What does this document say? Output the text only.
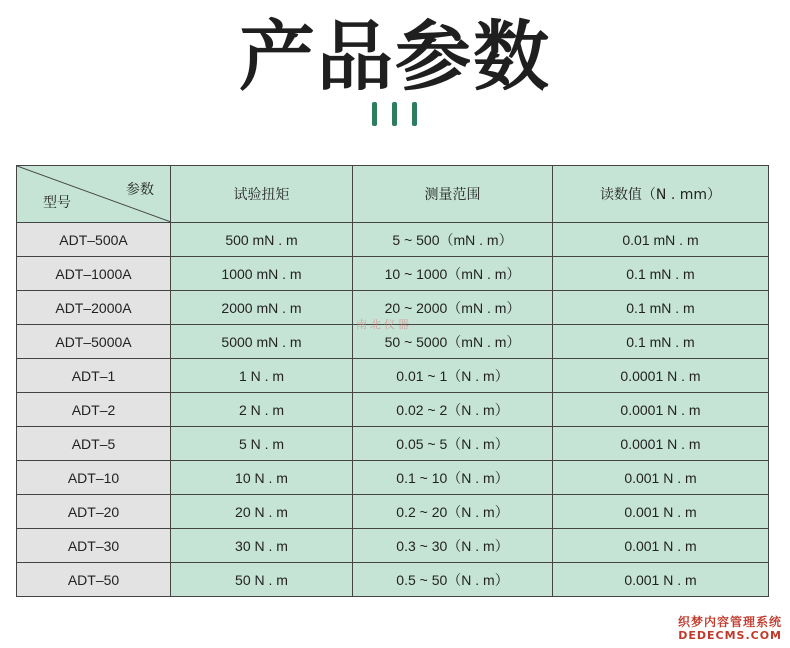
产品参数
参数
型号	试验扭矩	测量范围	读数值（N . mm）
ADT–500A	500 mN . m	5 ~ 500（mN . m）	0.01 mN . m
ADT–1000A	1000 mN . m	10 ~ 1000（mN . m）	0.1 mN . m
ADT–2000A	2000 mN . m	20 ~ 2000（mN . m）	0.1 mN . m
ADT–5000A	5000 mN . m	50 ~ 5000（mN . m）	0.1 mN . m
ADT–1	1 N . m	0.01 ~ 1（N . m）	0.0001 N . m
ADT–2	2 N . m	0.02 ~ 2（N . m）	0.0001 N . m
ADT–5	5 N . m	0.05 ~ 5（N . m）	0.0001 N . m
ADT–10	10 N . m	0.1 ~ 10（N . m）	0.001 N . m
ADT–20	20 N . m	0.2 ~ 20（N . m）	0.001 N . m
ADT–30	30 N . m	0.3 ~ 30（N . m）	0.001 N . m
ADT–50	50 N . m	0.5 ~ 50（N . m）	0.001 N . m
南北仪器
织梦内容管理系统
DEDECMS.COM
